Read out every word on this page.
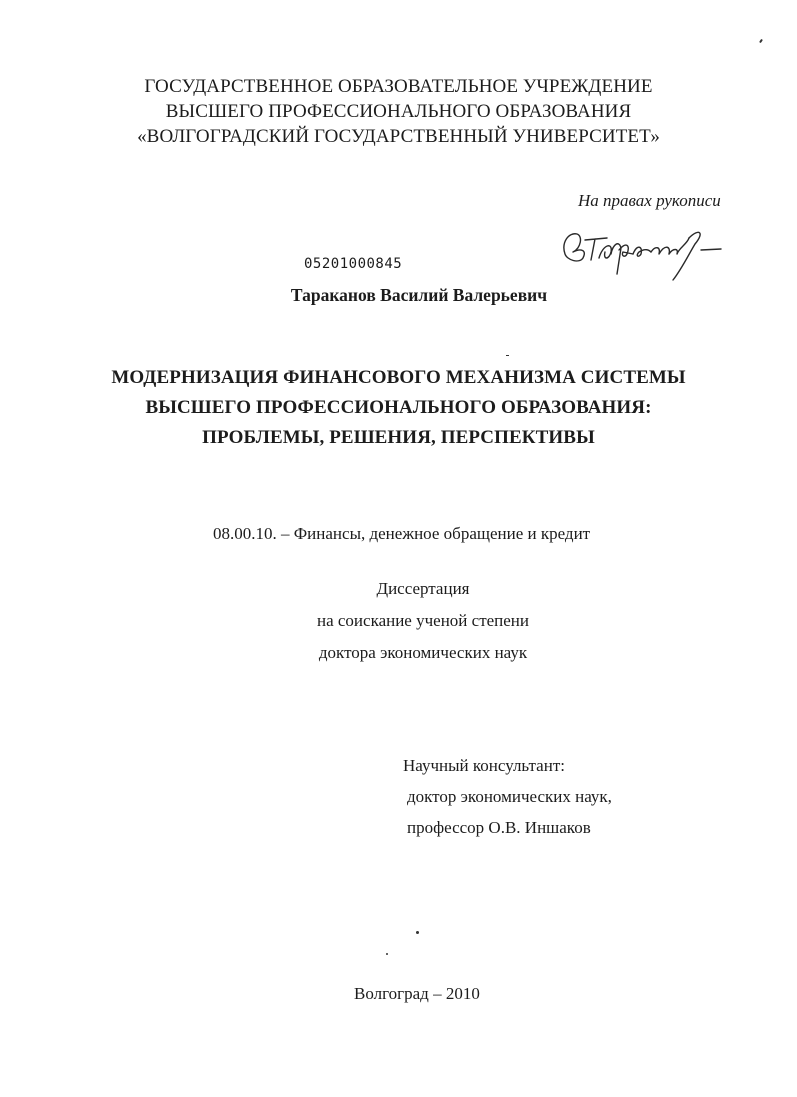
ГОСУДАРСТВЕННОЕ ОБРАЗОВАТЕЛЬНОЕ УЧРЕЖДЕНИЕ
ВЫСШЕГО ПРОФЕССИОНАЛЬНОГО ОБРАЗОВАНИЯ
«ВОЛГОГРАДСКИЙ ГОСУДАРСТВЕННЫЙ УНИВЕРСИТЕТ»
На правах рукописи
05201000845
Тараканов Василий Валерьевич
МОДЕРНИЗАЦИЯ ФИНАНСОВОГО МЕХАНИЗМА СИСТЕМЫ
ВЫСШЕГО ПРОФЕССИОНАЛЬНОГО ОБРАЗОВАНИЯ:
ПРОБЛЕМЫ, РЕШЕНИЯ, ПЕРСПЕКТИВЫ
08.00.10. – Финансы, денежное обращение и кредит
Диссертация
на соискание ученой степени
доктора экономических наук
Научный консультант:
доктор экономических наук,
профессор О.В. Иншаков
Волгоград – 2010
